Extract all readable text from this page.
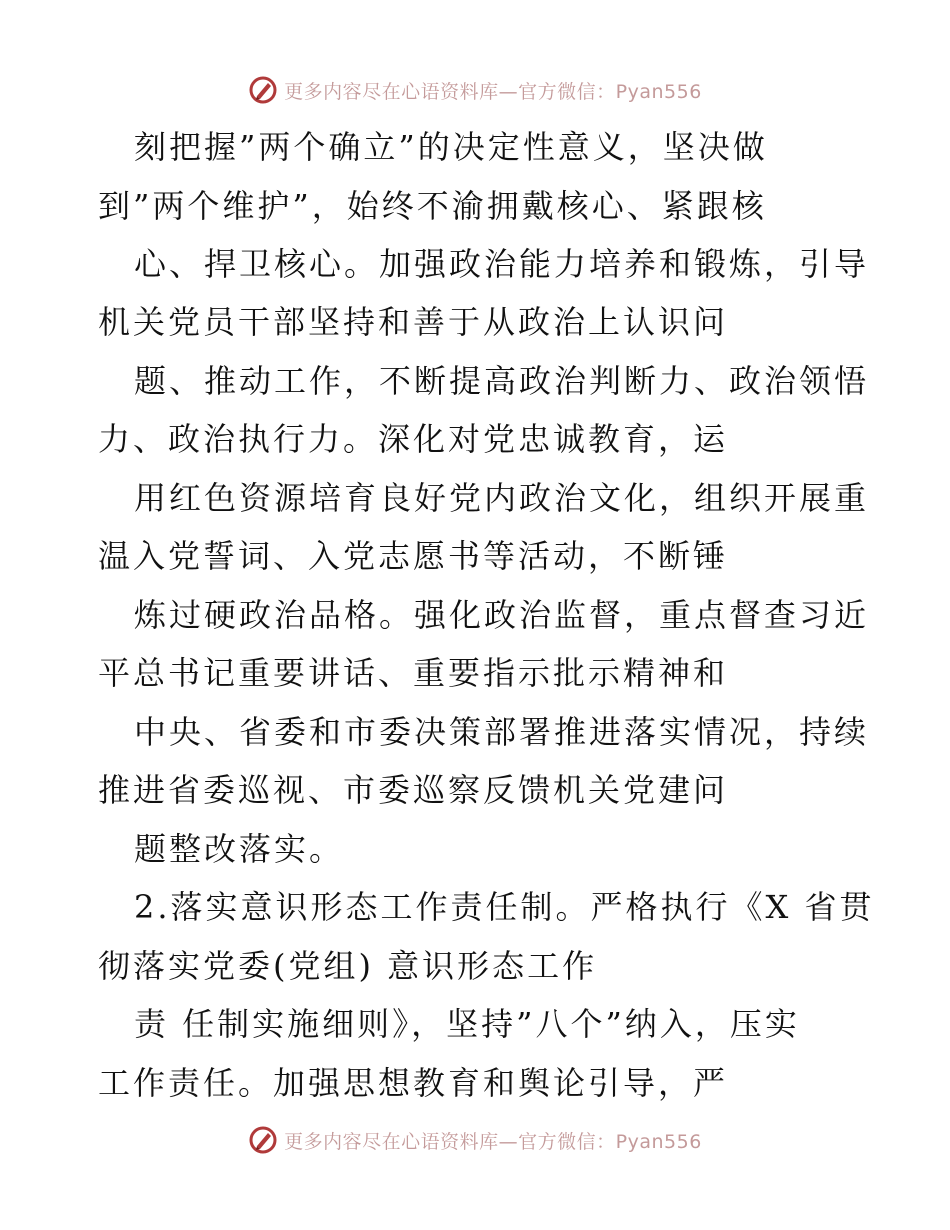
更多内容尽在心语资料库—官方微信：Pyan556
刻把握”两个确立”的决定性意义，坚决做
到”两个维护”，始终不渝拥戴核心、紧跟核
心、捍卫核心。加强政治能力培养和锻炼，引导
机关党员干部坚持和善于从政治上认识问
题、推动工作，不断提高政治判断力、政治领悟
力、政治执行力。深化对党忠诚教育，运
用红色资源培育良好党内政治文化，组织开展重
温入党誓词、入党志愿书等活动，不断锤
炼过硬政治品格。强化政治监督，重点督查习近
平总书记重要讲话、重要指示批示精神和
中央、省委和市委决策部署推进落实情况，持续
推进省委巡视、市委巡察反馈机关党建问
题整改落实。
2.落实意识形态工作责任制。严格执行《X 省贯
彻落实党委(党组) 意识形态工作
责 任制实施细则》，坚持”八个”纳入，压实
工作责任。加强思想教育和舆论引导，严
更多内容尽在心语资料库—官方微信：Pyan556
